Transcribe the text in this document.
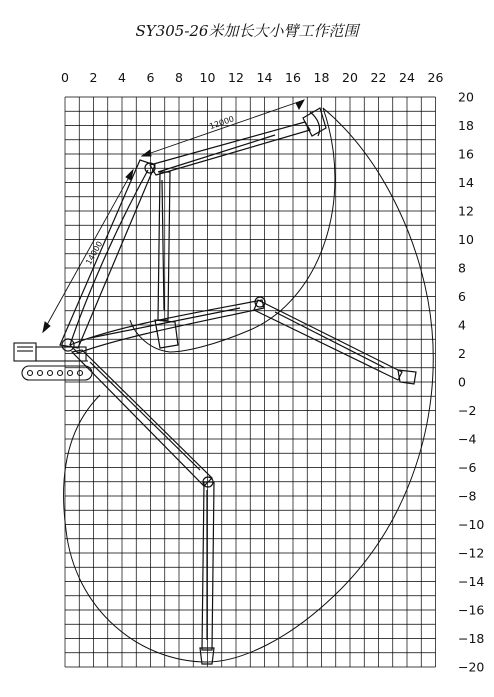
SY305-26米加长大小臂工作范围
0 2 4 6 8 10 12 14 16 18 20 22 24 26
20
18
16
14
12
10
8
6
4
2
0
−2
−4
−6
−8
−10
−12
−14
−16
−18
−20
12000
14000
